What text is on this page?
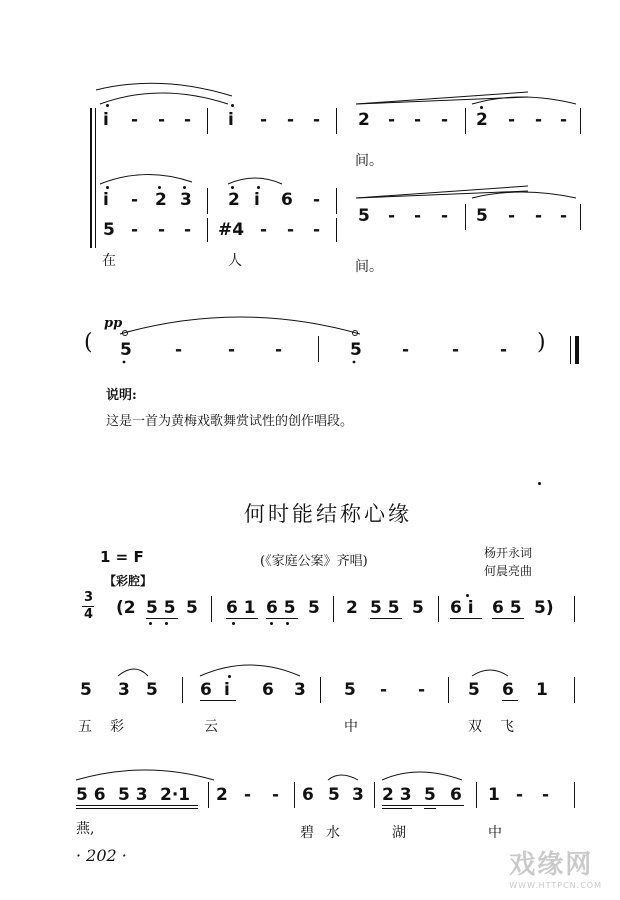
i - - - i - - - 2 - - - 2 - - -
间。
i - 2 3 2 i 6 -
5 - - - #4 - - -
5 - - - 5 - - -
在	人	间。
pp
( 5	-	- -	5 -	- - )
说明:
这是一首为黄梅戏歌舞赏试性的创作唱段。
何时能结称心缘
1 = F	(《家庭公案》齐唱)
杨开永词
何晨亮曲
【彩腔】
3
4 (2 5 5 5 6 1 6 5 5 2 5 5 5 6 i 6 5 5)
5 3 5 6 i 6 3 5 - -	5 6 1
五 彩	云	中	双 飞
5 6 5 3 2·1 2 - - 6 5 3 2 3 5 6 1 - -
燕,	碧 水	湖	中
· 202 ·	戏缘网
WWW.HTTPCN.COM
